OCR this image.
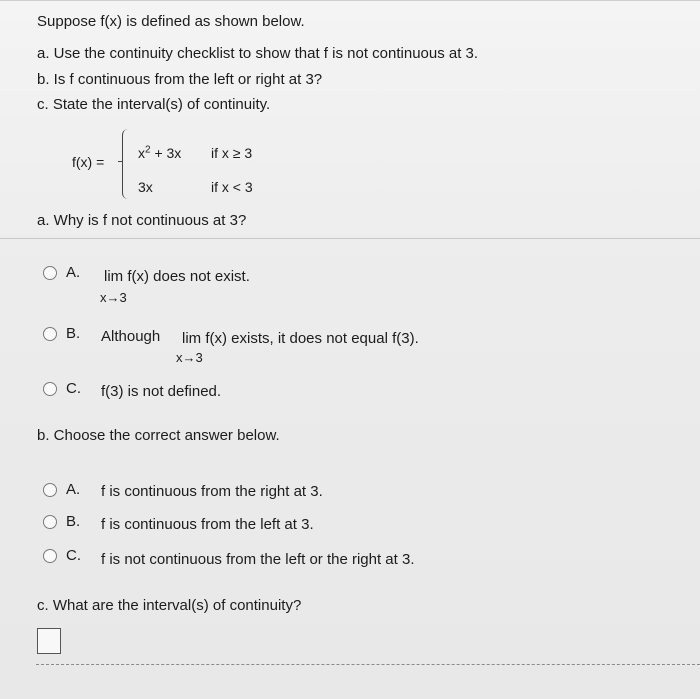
Suppose f(x) is defined as shown below.
a. Use the continuity checklist to show that f is not continuous at 3.
b. Is f continuous from the left or right at 3?
c. State the interval(s) of continuity.
f(x) =
$x^2 + 3x$ if x ≥ 3
3x	if x < 3
a. Why is f not continuous at 3?
A. lim f(x) does not exist.
x→3
B. Although lim f(x) exists, it does not equal f(3).
x→3
C. f(3) is not defined.
b. Choose the correct answer below.
A. f is continuous from the right at 3.
B. f is continuous from the left at 3.
C. f is not continuous from the left or the right at 3.
c. What are the interval(s) of continuity?
